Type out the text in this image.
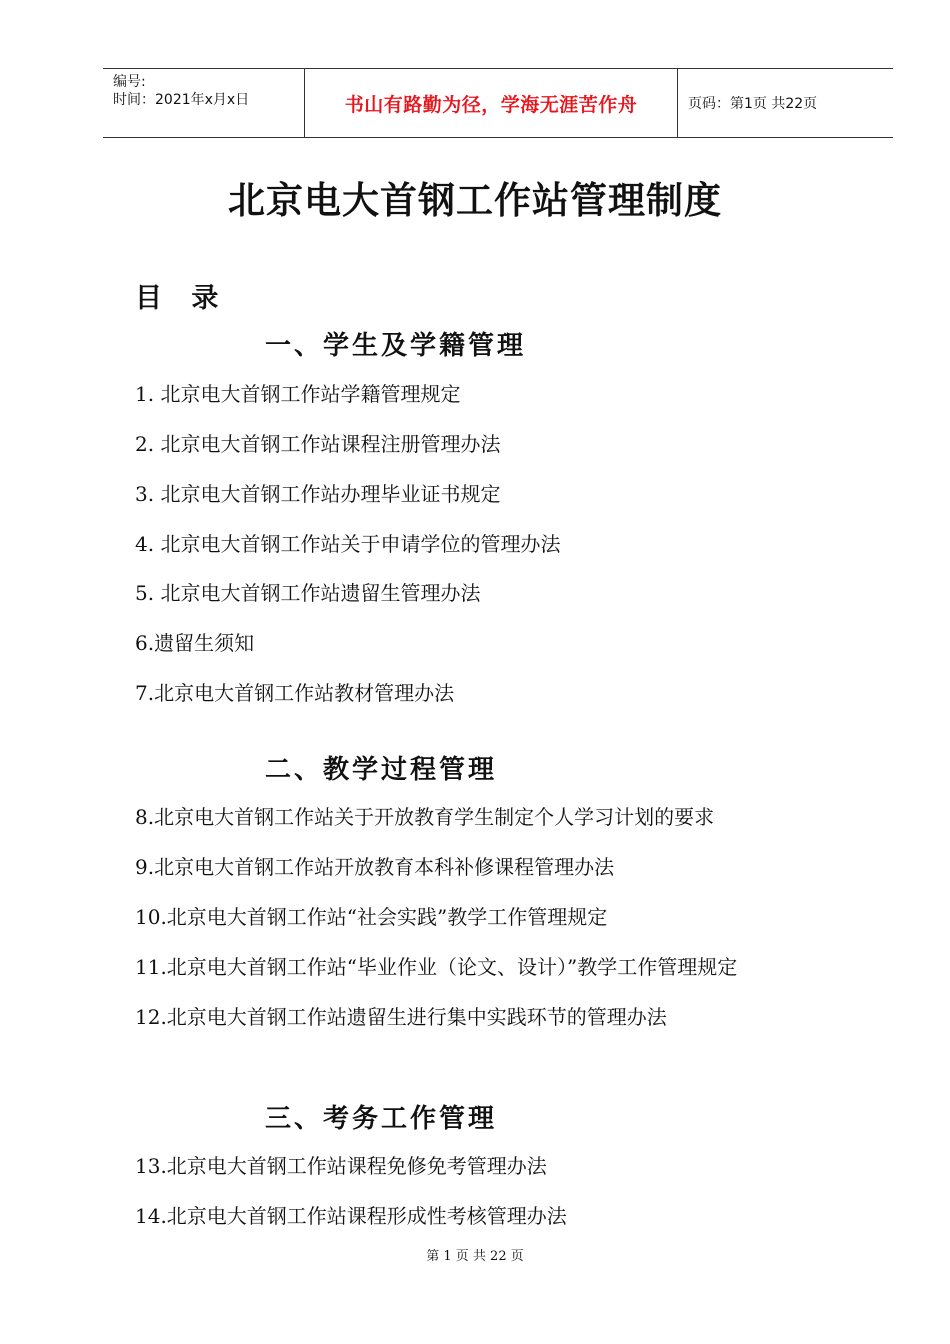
编号:
时间：2021年x月x日	书山有路勤为径，学海无涯苦作舟	页码：第1页 共22页
北京电大首钢工作站管理制度
目 录
一、学生及学籍管理
1. 北京电大首钢工作站学籍管理规定
2. 北京电大首钢工作站课程注册管理办法
3. 北京电大首钢工作站办理毕业证书规定
4. 北京电大首钢工作站关于申请学位的管理办法
5. 北京电大首钢工作站遗留生管理办法
6.遗留生须知
7.北京电大首钢工作站教材管理办法
二、教学过程管理
8.北京电大首钢工作站关于开放教育学生制定个人学习计划的要求
9.北京电大首钢工作站开放教育本科补修课程管理办法
10.北京电大首钢工作站“社会实践”教学工作管理规定
11.北京电大首钢工作站“毕业作业（论文、设计）”教学工作管理规定
12.北京电大首钢工作站遗留生进行集中实践环节的管理办法
三、考务工作管理
13.北京电大首钢工作站课程免修免考管理办法
14.北京电大首钢工作站课程形成性考核管理办法
第 1 页 共 22 页
